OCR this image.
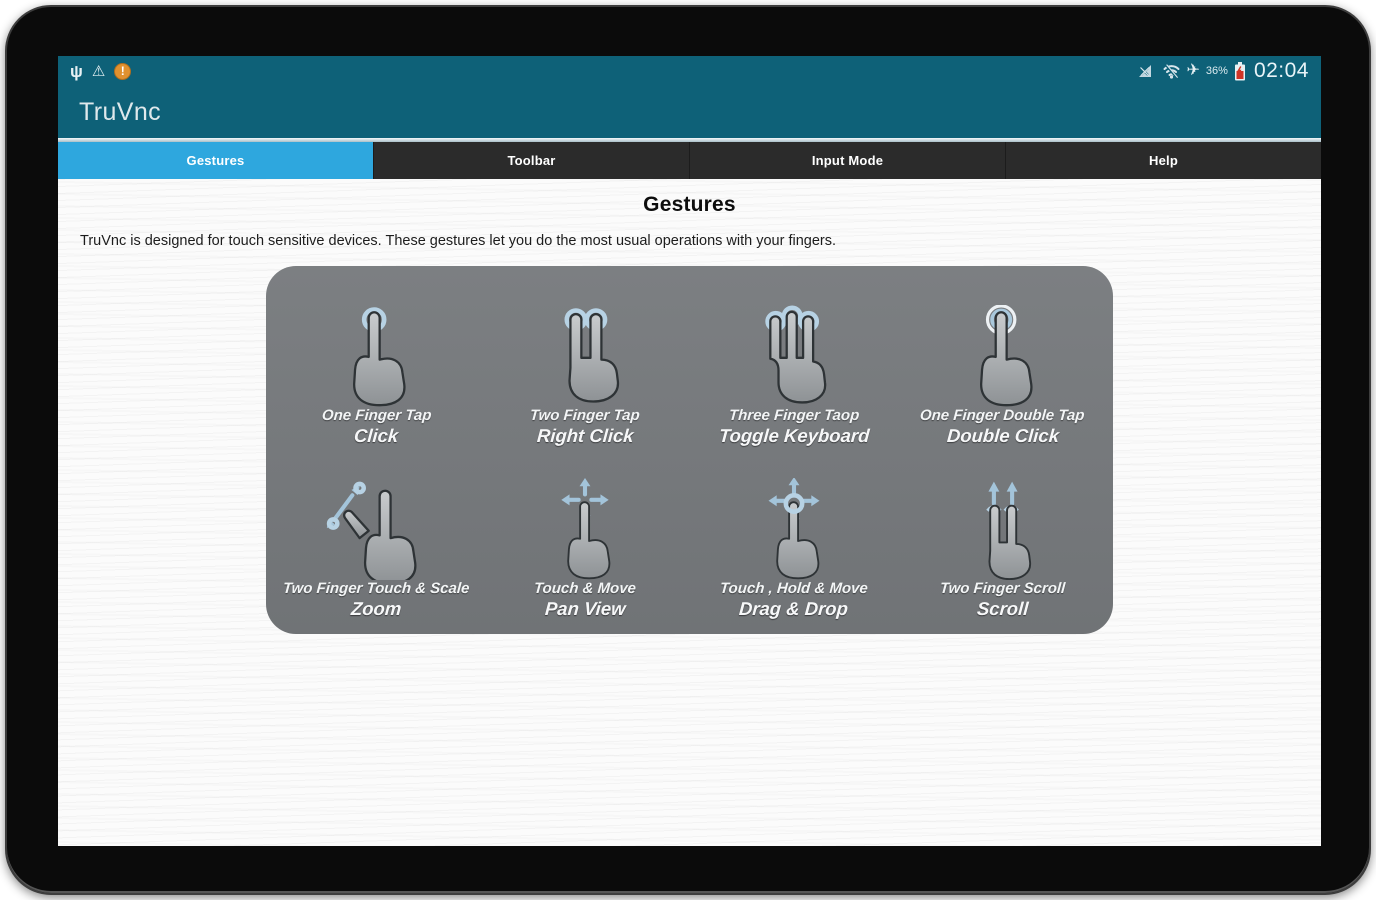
ψ ⚠	!	✈ 36% 02:04
TruVnc
Gestures	Toolbar	Input Mode	Help
Gestures
TruVnc is designed for touch sensitive devices. These gestures let you do the most usual operations with your fingers.
One Finger Tap
Click
Two Finger Tap
Right Click
Three Finger Taop
Toggle Keyboard
One Finger Double Tap
Double Click
Two Finger Touch & Scale
Zoom
Touch & Move
Pan View
Touch , Hold & Move
Drag & Drop
Two Finger Scroll
Scroll
